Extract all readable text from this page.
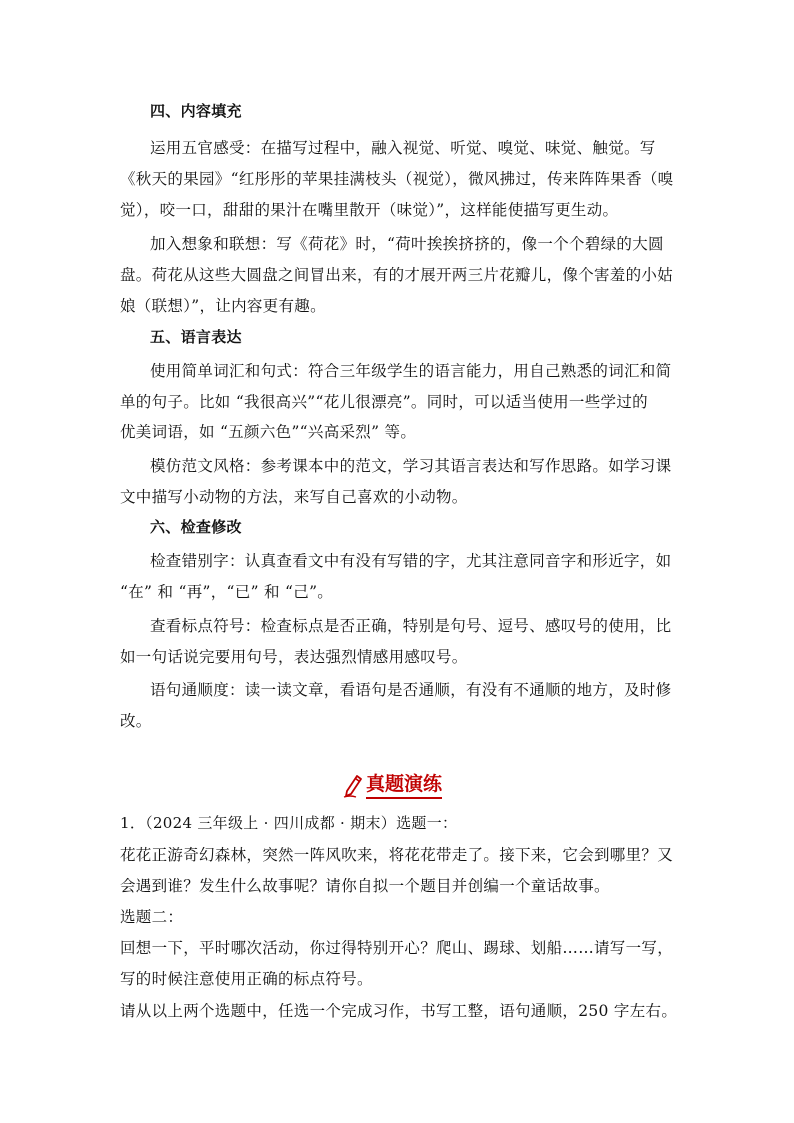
四、内容填充
运用五官感受：在描写过程中，融入视觉、听觉、嗅觉、味觉、触觉。写
《秋天的果园》“红彤彤的苹果挂满枝头（视觉），微风拂过，传来阵阵果香（嗅
觉），咬一口，甜甜的果汁在嘴里散开（味觉）”，这样能使描写更生动。
加入想象和联想：写《荷花》时，“荷叶挨挨挤挤的，像一个个碧绿的大圆
盘。荷花从这些大圆盘之间冒出来，有的才展开两三片花瓣儿，像个害羞的小姑
娘（联想）”，让内容更有趣。
五、语言表达
使用简单词汇和句式：符合三年级学生的语言能力，用自己熟悉的词汇和简
单的句子。比如 “我很高兴”“花儿很漂亮”。同时，可以适当使用一些学过的
优美词语，如 “五颜六色”“兴高采烈” 等。
模仿范文风格：参考课本中的范文，学习其语言表达和写作思路。如学习课
文中描写小动物的方法，来写自己喜欢的小动物。
六、检查修改
检查错别字：认真查看文中有没有写错的字，尤其注意同音字和形近字，如
“在” 和 “再”，“已” 和 “己”。
查看标点符号：检查标点是否正确，特别是句号、逗号、感叹号的使用，比
如一句话说完要用句号，表达强烈情感用感叹号。
语句通顺度：读一读文章，看语句是否通顺，有没有不通顺的地方，及时修
改。
真题演练
1．（2024 三年级上 · 四川成都 · 期末）选题一：
花花正游奇幻森林，突然一阵风吹来，将花花带走了。接下来，它会到哪里？又
会遇到谁？发生什么故事呢？请你自拟一个题目并创编一个童话故事。
选题二：
回想一下，平时哪次活动，你过得特别开心？爬山、踢球、划船……请写一写，
写的时候注意使用正确的标点符号。
请从以上两个选题中，任选一个完成习作，书写工整，语句通顺，250 字左右。
